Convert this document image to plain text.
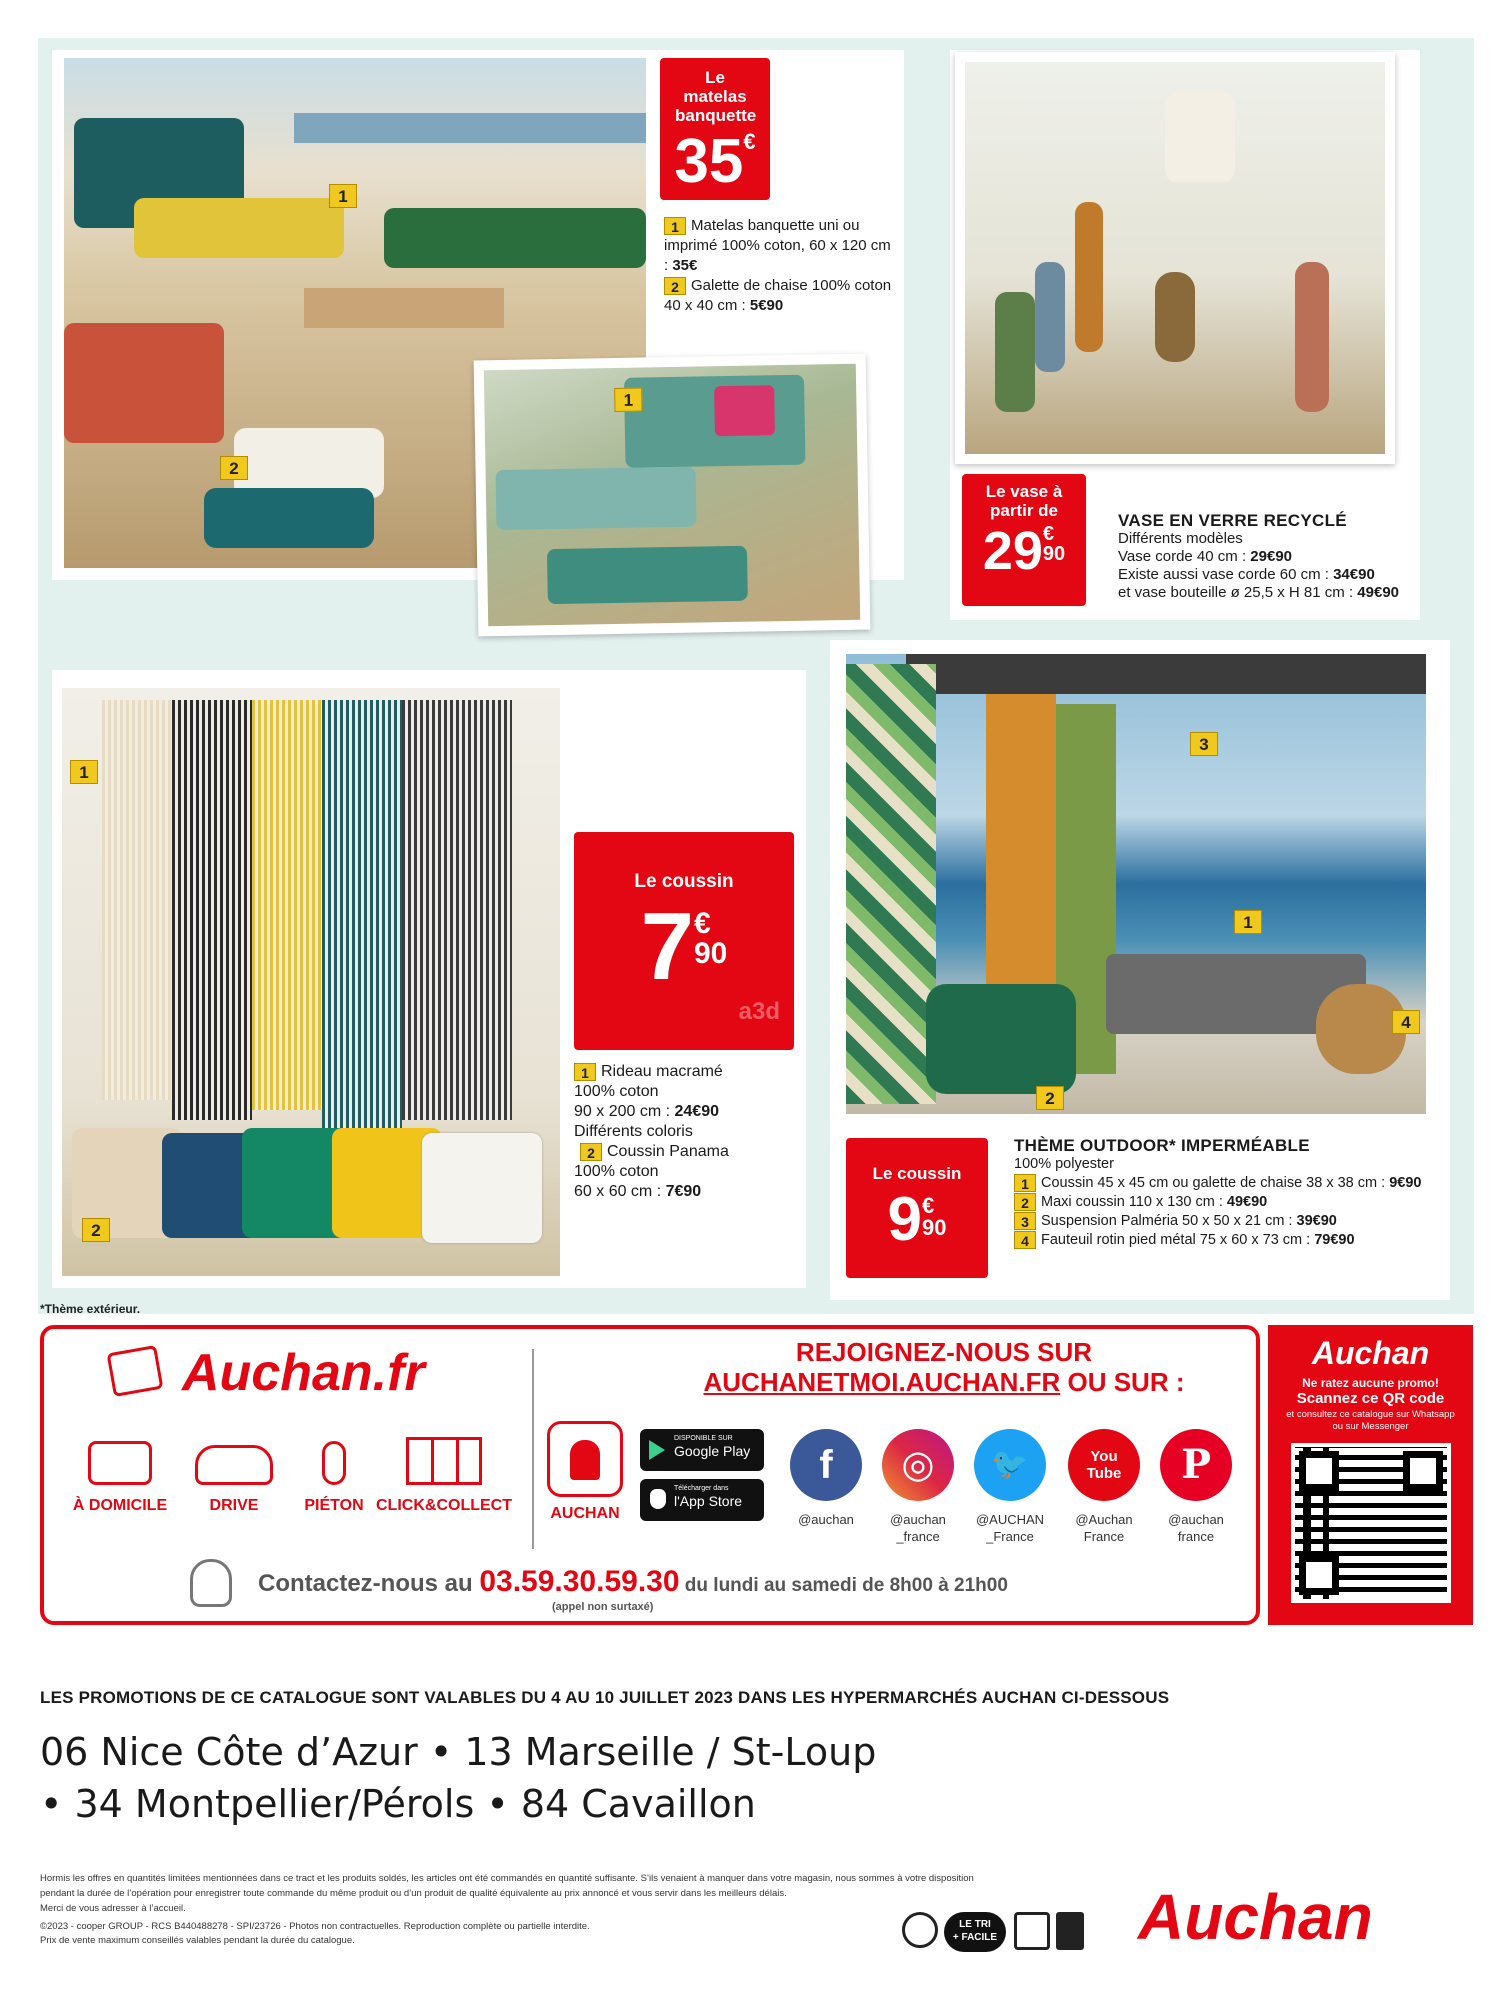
1
2
Le matelas banquette
35€
1 Matelas banquette uni ou imprimé 100% coton, 60 x 120 cm : 35€
2 Galette de chaise 100% coton 40 x 40 cm : 5€90
1
Le vase à partir de
29€
90
VASE EN VERRE RECYCLÉ
Différents modèles
Vase corde 40 cm : 29€90
Existe aussi vase corde 60 cm : 34€90
et vase bouteille ø 25,5 x H 81 cm : 49€90
1
2
Le coussin
7€
90
a3d
1 Rideau macramé
100% coton
90 x 200 cm : 24€90
Différents coloris
2 Coussin Panama
100% coton
60 x 60 cm : 7€90
3
1
2
4
Le coussin
9€
90
THÈME OUTDOOR* IMPERMÉABLE
100% polyester
1 Coussin 45 x 45 cm ou galette de chaise 38 x 38 cm : 9€90
2 Maxi coussin 110 x 130 cm : 49€90
3 Suspension Palméria 50 x 50 x 21 cm : 39€90
4 Fauteuil rotin pied métal 75 x 60 x 73 cm : 79€90
*Thème extérieur.
Auchan.fr
À DOMICILE	DRIVE	PIÉTON CLICK&COLLECT	AUCHAN
DISPONIBLE SUR
Google Play
Télécharger dans
l'App Store
REJOIGNEZ-NOUS SUR
AUCHANETMOI.AUCHAN.FR OU SUR :
f	◎	🐦	You
Tube	P
@auchan	@auchan
_france
@AUCHAN
_France
@Auchan
France
@auchan
france
Contactez-nous au 03.59.30.59.30 du lundi au samedi de 8h00 à 21h00
(appel non surtaxé)
Auchan
Ne ratez aucune promo!
Scannez ce QR code
et consultez ce catalogue sur Whatsapp ou sur Messenger
LES PROMOTIONS DE CE CATALOGUE SONT VALABLES DU 4 AU 10 JUILLET 2023 DANS LES HYPERMARCHÉS AUCHAN CI-DESSOUS
06 Nice Côte d’Azur • 13 Marseille / St-Loup
• 34 Montpellier/Pérols • 84 Cavaillon
Hormis les offres en quantités limitées mentionnées dans ce tract et les produits soldés, les articles ont été commandés en quantité suffisante. S’ils venaient à manquer dans votre magasin, nous sommes à votre disposition
pendant la durée de l’opération pour enregistrer toute commande du même produit ou d’un produit de qualité équivalente au prix annoncé et vous servir dans les meilleurs délais.
Merci de vous adresser à l’accueil.
©2023 - cooper GROUP - RCS B440488278 - SPI/23726 - Photos non contractuelles. Reproduction complète ou partielle interdite.
Prix de vente maximum conseillés valables pendant la durée du catalogue.
LE TRI
+ FACILE Auchan
